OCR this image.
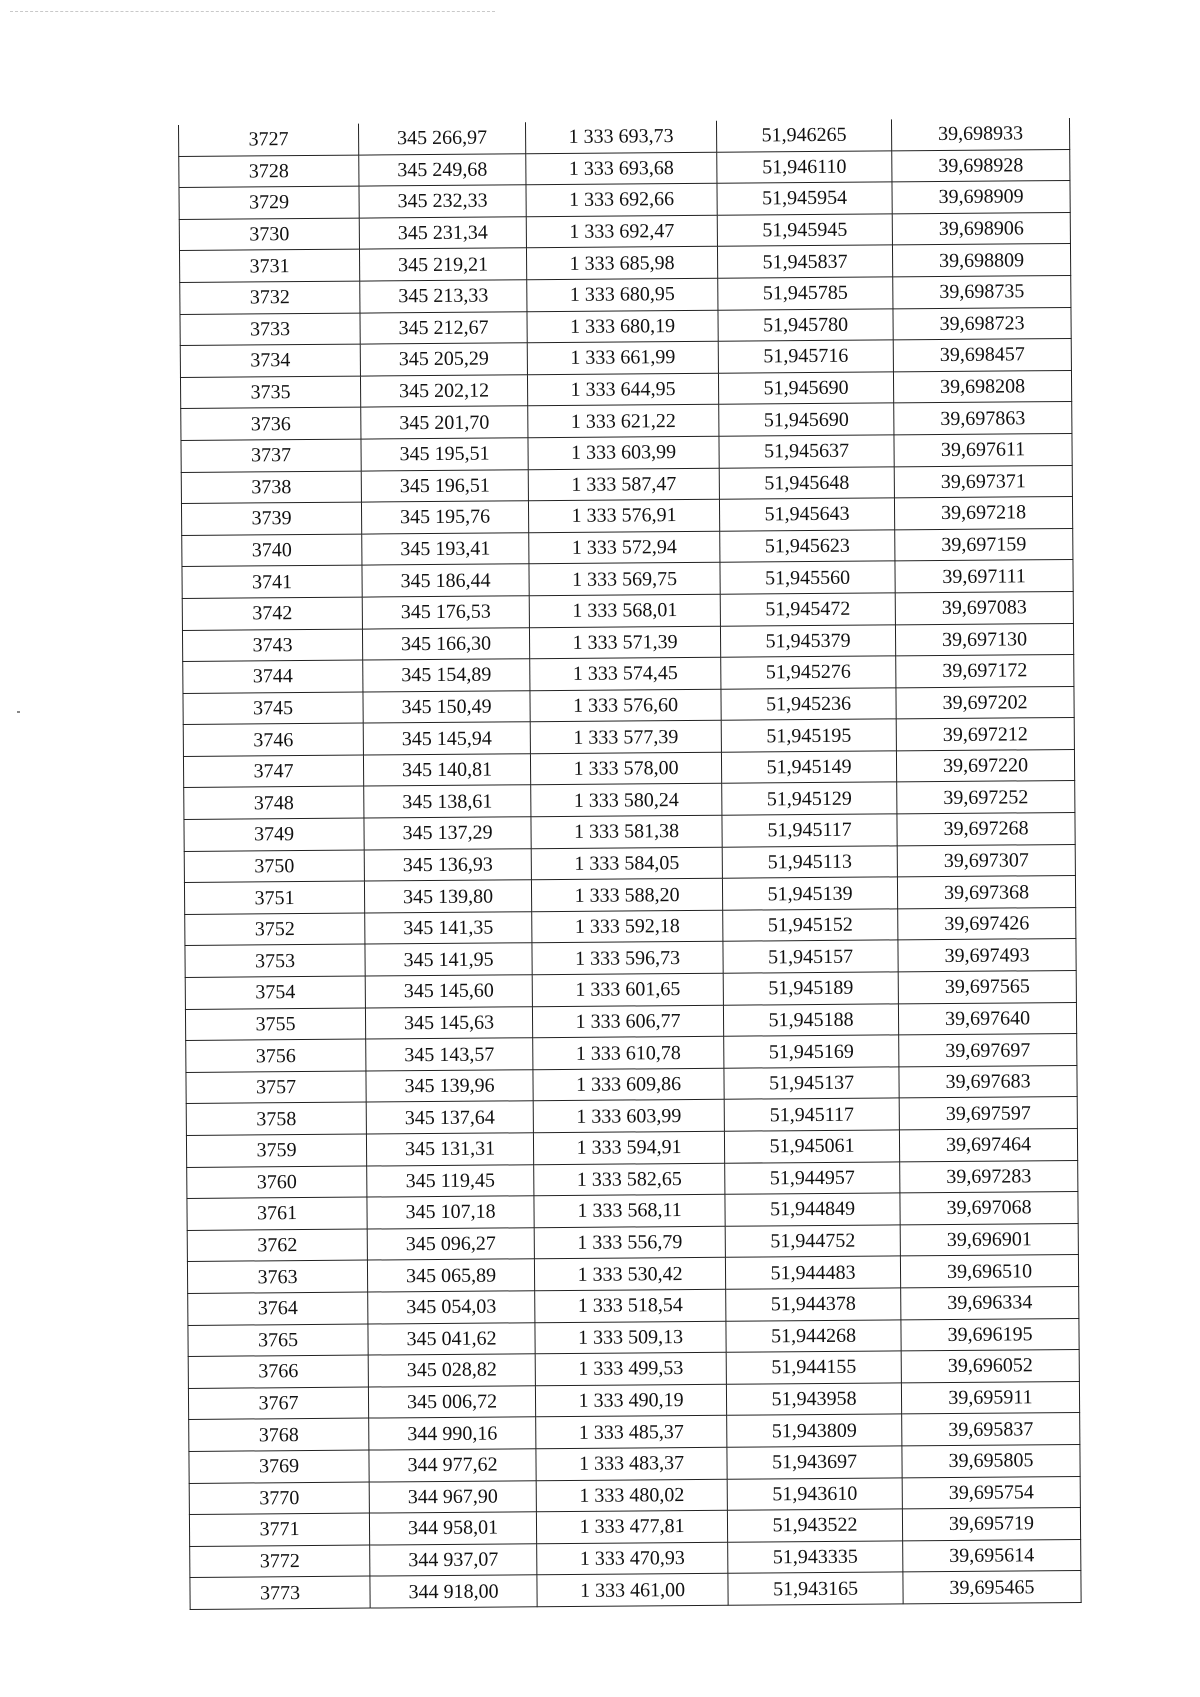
3727	345 266,97	1 333 693,73	51,946265	39,698933
3728	345 249,68	1 333 693,68	51,946110	39,698928
3729	345 232,33	1 333 692,66	51,945954	39,698909
3730	345 231,34	1 333 692,47	51,945945	39,698906
3731	345 219,21	1 333 685,98	51,945837	39,698809
3732	345 213,33	1 333 680,95	51,945785	39,698735
3733	345 212,67	1 333 680,19	51,945780	39,698723
3734	345 205,29	1 333 661,99	51,945716	39,698457
3735	345 202,12	1 333 644,95	51,945690	39,698208
3736	345 201,70	1 333 621,22	51,945690	39,697863
3737	345 195,51	1 333 603,99	51,945637	39,697611
3738	345 196,51	1 333 587,47	51,945648	39,697371
3739	345 195,76	1 333 576,91	51,945643	39,697218
3740	345 193,41	1 333 572,94	51,945623	39,697159
3741	345 186,44	1 333 569,75	51,945560	39,697111
3742	345 176,53	1 333 568,01	51,945472	39,697083
3743	345 166,30	1 333 571,39	51,945379	39,697130
3744	345 154,89	1 333 574,45	51,945276	39,697172
3745	345 150,49	1 333 576,60	51,945236	39,697202
3746	345 145,94	1 333 577,39	51,945195	39,697212
3747	345 140,81	1 333 578,00	51,945149	39,697220
3748	345 138,61	1 333 580,24	51,945129	39,697252
3749	345 137,29	1 333 581,38	51,945117	39,697268
3750	345 136,93	1 333 584,05	51,945113	39,697307
3751	345 139,80	1 333 588,20	51,945139	39,697368
3752	345 141,35	1 333 592,18	51,945152	39,697426
3753	345 141,95	1 333 596,73	51,945157	39,697493
3754	345 145,60	1 333 601,65	51,945189	39,697565
3755	345 145,63	1 333 606,77	51,945188	39,697640
3756	345 143,57	1 333 610,78	51,945169	39,697697
3757	345 139,96	1 333 609,86	51,945137	39,697683
3758	345 137,64	1 333 603,99	51,945117	39,697597
3759	345 131,31	1 333 594,91	51,945061	39,697464
3760	345 119,45	1 333 582,65	51,944957	39,697283
3761	345 107,18	1 333 568,11	51,944849	39,697068
3762	345 096,27	1 333 556,79	51,944752	39,696901
3763	345 065,89	1 333 530,42	51,944483	39,696510
3764	345 054,03	1 333 518,54	51,944378	39,696334
3765	345 041,62	1 333 509,13	51,944268	39,696195
3766	345 028,82	1 333 499,53	51,944155	39,696052
3767	345 006,72	1 333 490,19	51,943958	39,695911
3768	344 990,16	1 333 485,37	51,943809	39,695837
3769	344 977,62	1 333 483,37	51,943697	39,695805
3770	344 967,90	1 333 480,02	51,943610	39,695754
3771	344 958,01	1 333 477,81	51,943522	39,695719
3772	344 937,07	1 333 470,93	51,943335	39,695614
3773	344 918,00	1 333 461,00	51,943165	39,695465
